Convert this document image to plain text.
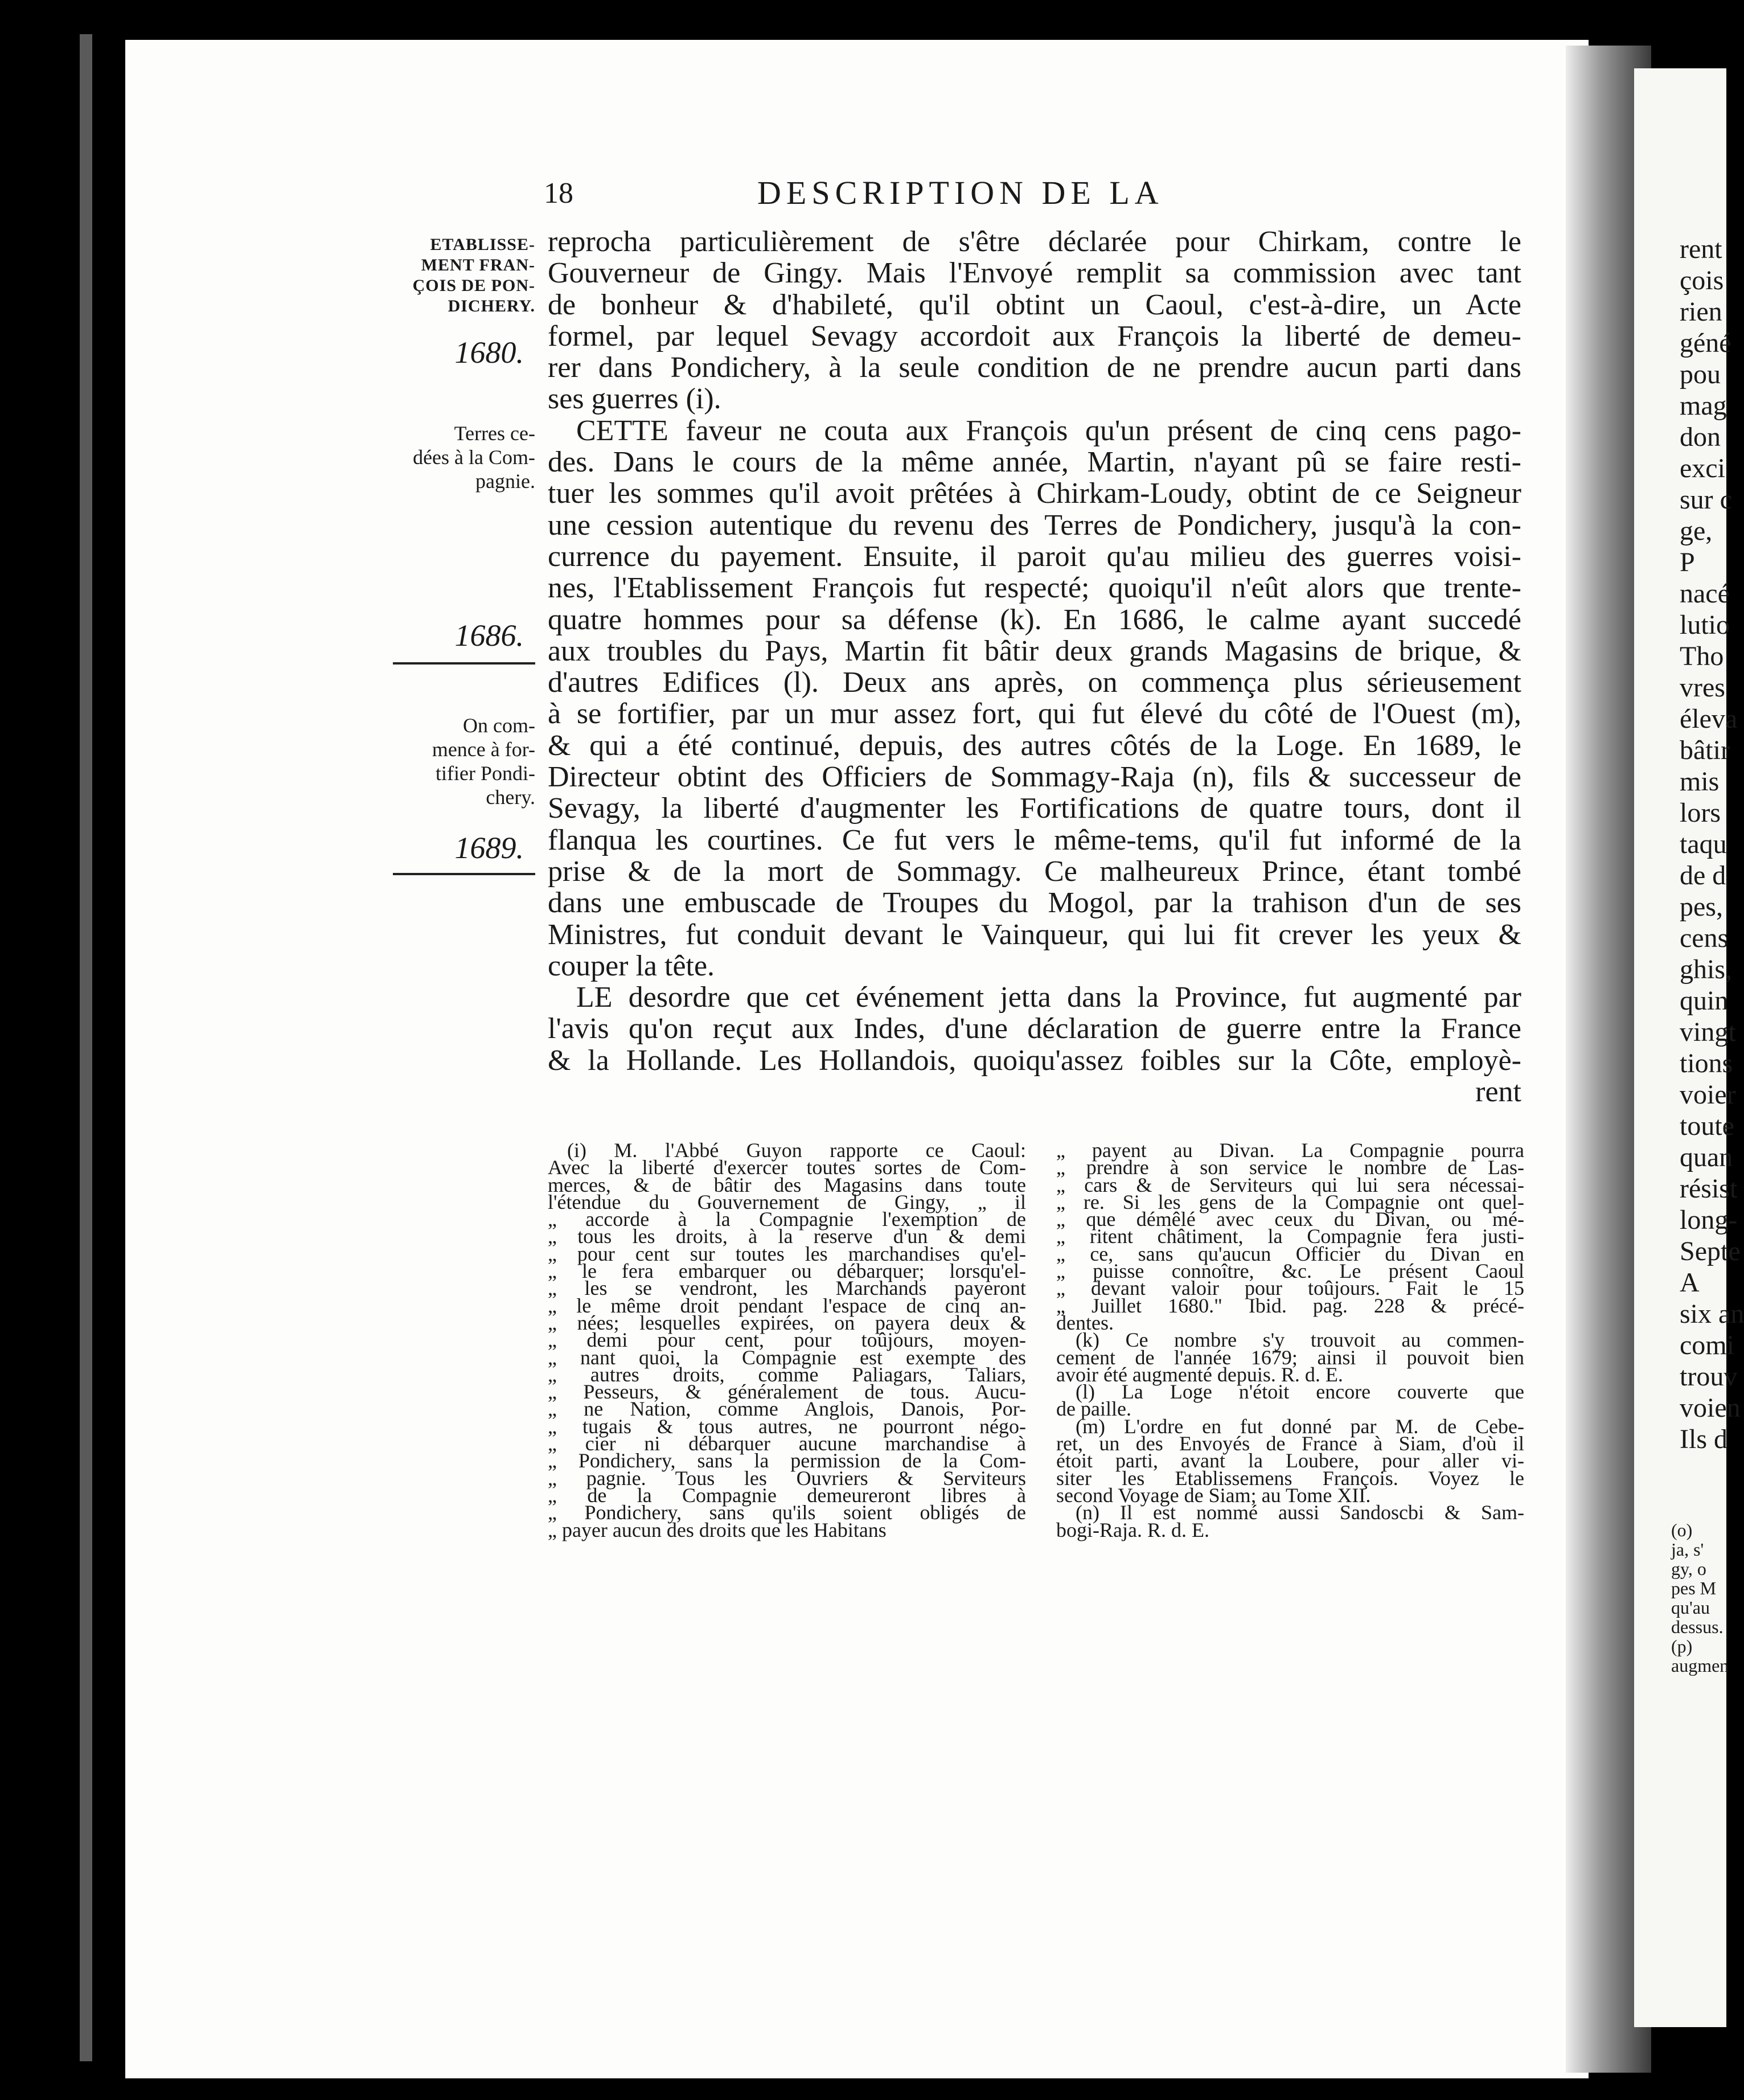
18	DESCRIPTION DE LA
ETABLISSE-
MENT FRAN-
ÇOIS DE PON-
DICHERY.
1680.
Terres ce-
dées à la Com-
pagnie.
1686.
On com-
mence à for-
tifier Pondi-
chery.
1689.
reprocha particulièrement de s'être déclarée pour Chirkam, contre le
Gouverneur de Gingy. Mais l'Envoyé remplit sa commission avec tant
de bonheur & d'habileté, qu'il obtint un Caoul, c'est-à-dire, un Acte
formel, par lequel Sevagy accordoit aux François la liberté de demeu-
rer dans Pondichery, à la seule condition de ne prendre aucun parti dans
ses guerres (i).
CETTE faveur ne couta aux François qu'un présent de cinq cens pago-
des. Dans le cours de la même année, Martin, n'ayant pû se faire resti-
tuer les sommes qu'il avoit prêtées à Chirkam-Loudy, obtint de ce Seigneur
une cession autentique du revenu des Terres de Pondichery, jusqu'à la con-
currence du payement. Ensuite, il paroit qu'au milieu des guerres voisi-
nes, l'Etablissement François fut respecté; quoiqu'il n'eût alors que trente-
quatre hommes pour sa défense (k). En 1686, le calme ayant succedé
aux troubles du Pays, Martin fit bâtir deux grands Magasins de brique, &
d'autres Edifices (l). Deux ans après, on commença plus sérieusement
à se fortifier, par un mur assez fort, qui fut élevé du côté de l'Ouest (m),
& qui a été continué, depuis, des autres côtés de la Loge. En 1689, le
Directeur obtint des Officiers de Sommagy-Raja (n), fils & successeur de
Sevagy, la liberté d'augmenter les Fortifications de quatre tours, dont il
flanqua les courtines. Ce fut vers le même-tems, qu'il fut informé de la
prise & de la mort de Sommagy. Ce malheureux Prince, étant tombé
dans une embuscade de Troupes du Mogol, par la trahison d'un de ses
Ministres, fut conduit devant le Vainqueur, qui lui fit crever les yeux &
couper la tête.
LE desordre que cet événement jetta dans la Province, fut augmenté par
l'avis qu'on reçut aux Indes, d'une déclaration de guerre entre la France
& la Hollande. Les Hollandois, quoiqu'assez foibles sur la Côte, employè-
rent
(i) M. l'Abbé Guyon rapporte ce Caoul:
Avec la liberté d'exercer toutes sortes de Com-
merces, & de bâtir des Magasins dans toute
l'étendue du Gouvernement de Gingy, „ il
„ accorde à la Compagnie l'exemption de
„ tous les droits, à la reserve d'un & demi
„ pour cent sur toutes les marchandises qu'el-
„ le fera embarquer ou débarquer; lorsqu'el-
„ les se vendront, les Marchands payeront
„ le même droit pendant l'espace de cinq an-
„ nées; lesquelles expirées, on payera deux &
„ demi pour cent, pour toûjours, moyen-
„ nant quoi, la Compagnie est exempte des
„ autres droits, comme Paliagars, Taliars,
„ Pesseurs, & généralement de tous. Aucu-
„ ne Nation, comme Anglois, Danois, Por-
„ tugais & tous autres, ne pourront négo-
„ cier ni débarquer aucune marchandise à
„ Pondichery, sans la permission de la Com-
„ pagnie. Tous les Ouvriers & Serviteurs
„ de la Compagnie demeureront libres à
„ Pondichery, sans qu'ils soient obligés de
„ payer aucun des droits que les Habitans
„ payent au Divan. La Compagnie pourra
„ prendre à son service le nombre de Las-
„ cars & de Serviteurs qui lui sera nécessai-
„ re. Si les gens de la Compagnie ont quel-
„ que démêlé avec ceux du Divan, ou mé-
„ ritent châtiment, la Compagnie fera justi-
„ ce, sans qu'aucun Officier du Divan en
„ puisse connoître, &c. Le présent Caoul
„ devant valoir pour toûjours. Fait le 15
„ Juillet 1680." Ibid. pag. 228 & précé-
dentes.
(k) Ce nombre s'y trouvoit au commen-
cement de l'année 1679; ainsi il pouvoit bien
avoir été augmenté depuis. R. d. E.
(l) La Loge n'étoit encore couverte que
de paille.
(m) L'ordre en fut donné par M. de Cebe-
ret, un des Envoyés de France à Siam, d'où il
étoit parti, avant la Loubere, pour aller vi-
siter les Etablissemens François. Voyez le
second Voyage de Siam; au Tome XII.
(n) Il est nommé aussi Sandoscbi & Sam-
bogi-Raja. R. d. E.
rent
çois
rien
géné
pou
mag
don
exci
sur c
ge,
P
nacé
lutio
Tho
vres
éleva
bâtir
mis
lors
taqu
de d
pes,
cens
ghis,
quin
vingt
tions
voier
toute
quan
résist
long-
Septe
A
six an
comi
trouv
voien
Ils d
(o)
ja, s'
gy, o
pes M
qu'au
dessus.
(p)
augmen
